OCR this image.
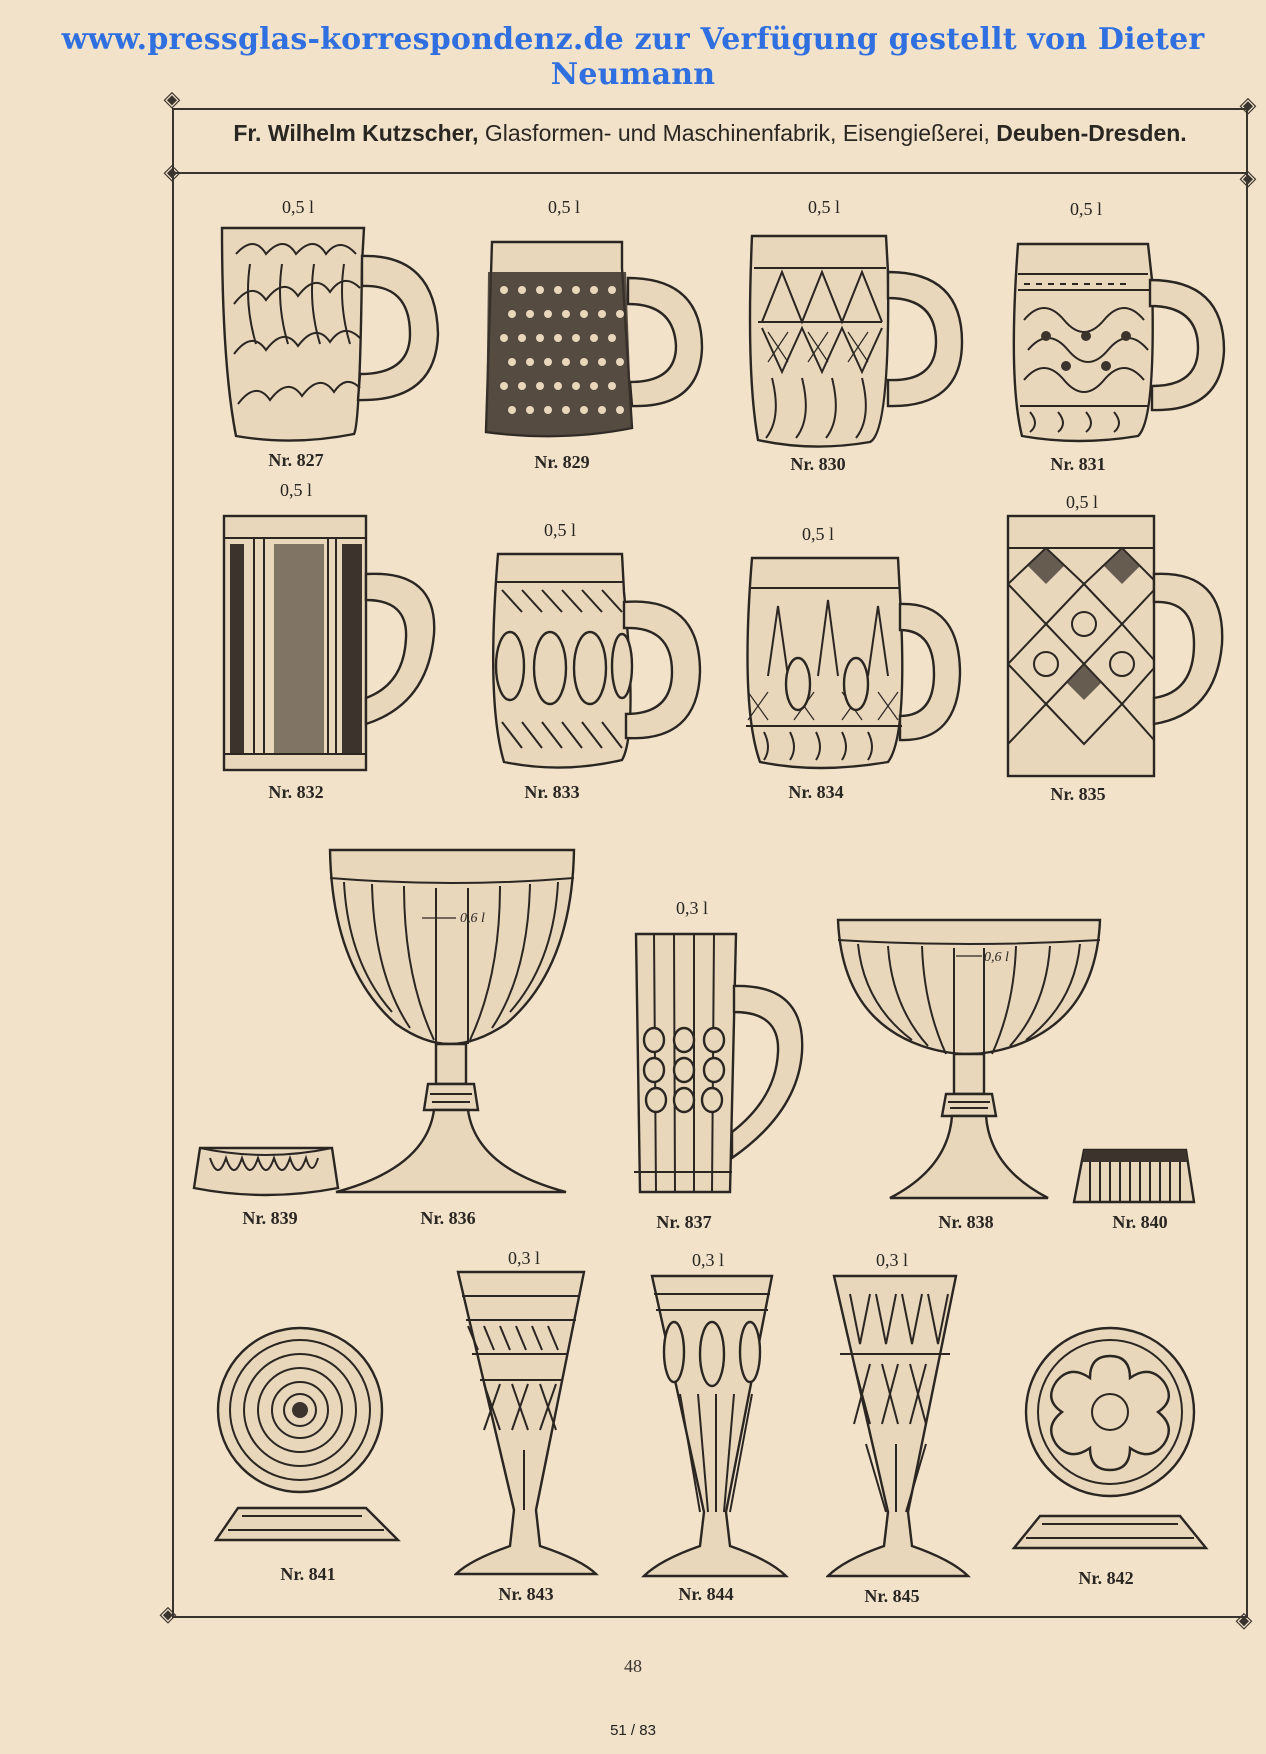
www.pressglas-korrespondenz.de zur Verfügung gestellt von Dieter Neumann
◈	◈
◈	◈
◈	◈
Fr. Wilhelm Kutzscher, Glasformen- und Maschinenfabrik, Eisengießerei, Deuben-Dresden.
0,5 l
Nr. 827
0,5 l
Nr. 829
0,5 l
Nr. 830
0,5 l
Nr. 831
0,5 l
Nr. 832
0,5 l
Nr. 833
0,5 l
Nr. 834
0,5 l
Nr. 835
Nr. 839
0,6 l
Nr. 836
0,3 l
Nr. 837
0,6 l
Nr. 838	Nr. 840
Nr. 841
0,3 l
Nr. 843
0,3 l
Nr. 844
0,3 l
Nr. 845
Nr. 842
48
51 / 83
